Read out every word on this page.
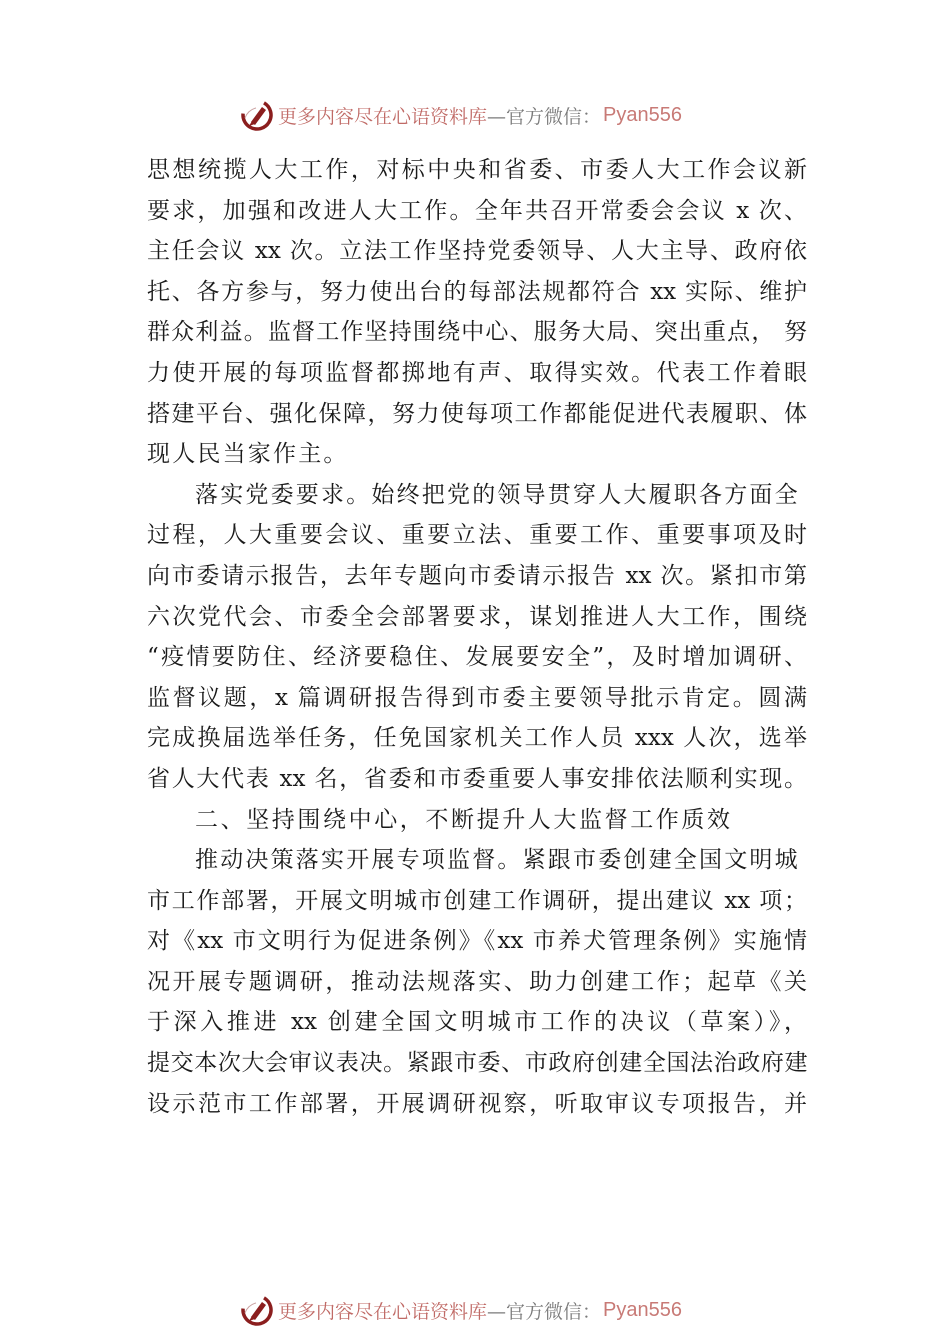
更多内容尽在心语资料库 —官方微信： Pyan556
思想统揽人大工作，对标中央和省委、市委人大工作会议新
要求，加强和改进人大工作。全年共召开常委会会议 x 次、
主任会议 xx 次。立法工作坚持党委领导、人大主导、政府依
托、各方参与，努力使出台的每部法规都符合 xx 实际、维护
群众利益。监督工作坚持围绕中心、服务大局、突出重点， 努
力使开展的每项监督都掷地有声、取得实效。代表工作着眼
搭建平台、强化保障，努力使每项工作都能促进代表履职、体
现人民当家作主。
落实党委要求。始终把党的领导贯穿人大履职各方面全
过程，人大重要会议、重要立法、重要工作、重要事项及时
向市委请示报告，去年专题向市委请示报告 xx 次。紧扣市第
六次党代会、市委全会部署要求，谋划推进人大工作，围绕
“疫情要防住、经济要稳住、发展要安全”，及时增加调研、
监督议题，x 篇调研报告得到市委主要领导批示肯定。圆满
完成换届选举任务，任免国家机关工作人员 xxx 人次，选举
省人大代表 xx 名，省委和市委重要人事安排依法顺利实现。
二、坚持围绕中心，不断提升人大监督工作质效
推动决策落实开展专项监督。紧跟市委创建全国文明城
市工作部署，开展文明城市创建工作调研，提出建议 xx 项；
对《xx 市文明行为促进条例》《xx 市养犬管理条例》实施情
况开展专题调研，推动法规落实、助力创建工作；起草《关
于深入推进 xx 创建全国文明城市工作的决议（草案）》，
提交本次大会审议表决。紧跟市委、市政府创建全国法治政府建
设示范市工作部署，开展调研视察，听取审议专项报告，并
更多内容尽在心语资料库 —官方微信： Pyan556
